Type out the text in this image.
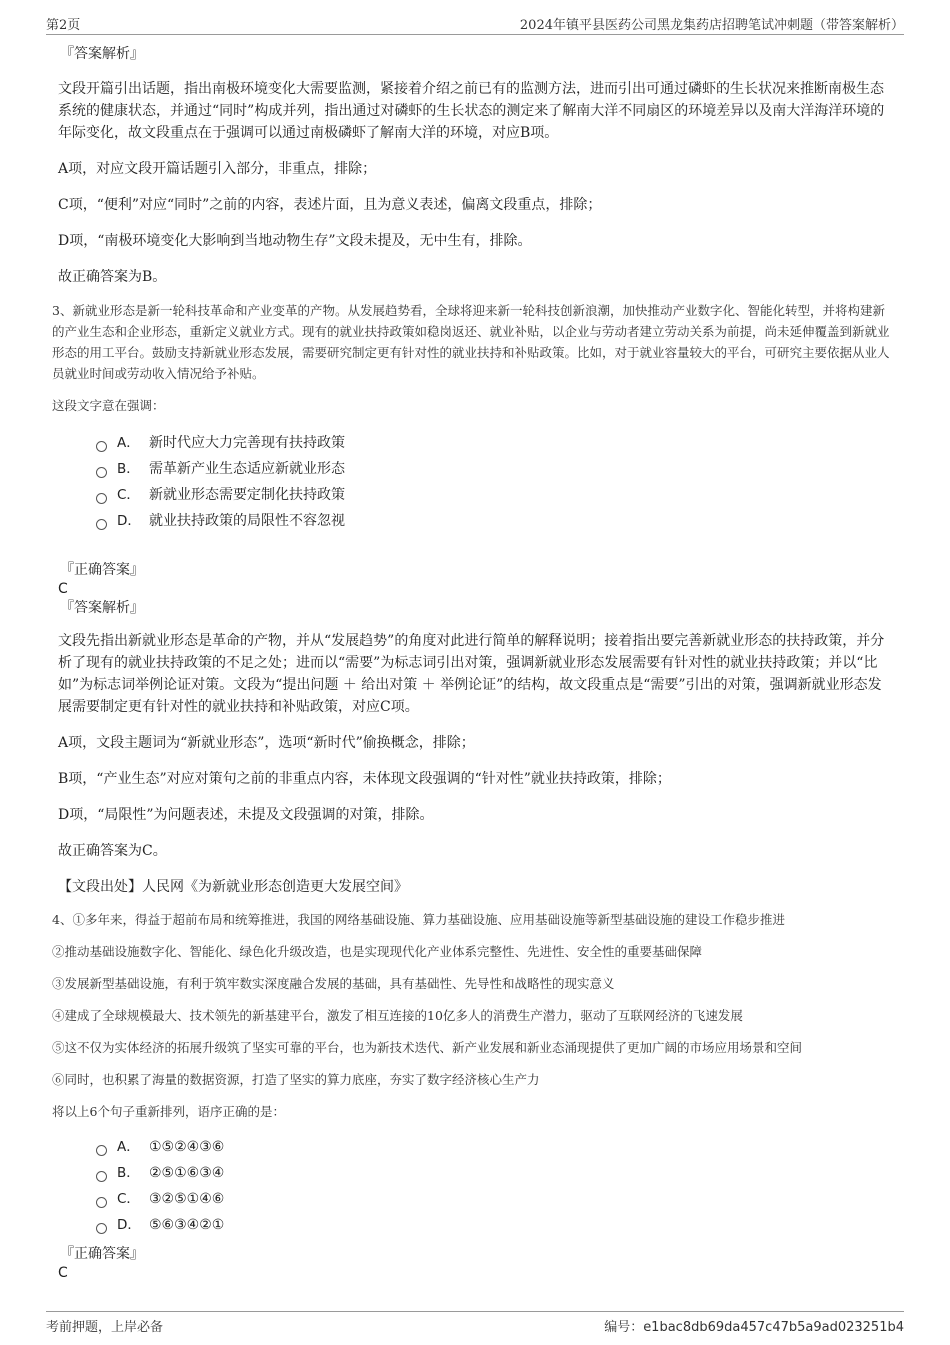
第2页	2024年镇平县医药公司黑龙集药店招聘笔试冲刺题（带答案解析）
『答案解析』
文段开篇引出话题，指出南极环境变化大需要监测，紧接着介绍之前已有的监测方法，进而引出可通过磷虾的生长状况来推断南极生态系统的健康状态，并通过“同时”构成并列，指出通过对磷虾的生长状态的测定来了解南大洋不同扇区的环境差异以及南大洋海洋环境的年际变化，故文段重点在于强调可以通过南极磷虾了解南大洋的环境，对应B项。
A项，对应文段开篇话题引入部分，非重点，排除；
C项，“便利”对应“同时”之前的内容，表述片面，且为意义表述，偏离文段重点，排除；
D项，“南极环境变化大影响到当地动物生存”文段未提及，无中生有，排除。
故正确答案为B。
3、新就业形态是新一轮科技革命和产业变革的产物。从发展趋势看，全球将迎来新一轮科技创新浪潮，加快推动产业数字化、智能化转型，并将构建新的产业生态和企业形态，重新定义就业方式。现有的就业扶持政策如稳岗返还、就业补贴，以企业与劳动者建立劳动关系为前提，尚未延伸覆盖到新就业形态的用工平台。鼓励支持新就业形态发展，需要研究制定更有针对性的就业扶持和补贴政策。比如，对于就业容量较大的平台，可研究主要依据从业人员就业时间或劳动收入情况给予补贴。
这段文字意在强调：
A． 新时代应大力完善现有扶持政策
B． 需革新产业生态适应新就业形态
C． 新就业形态需要定制化扶持政策
D． 就业扶持政策的局限性不容忽视
『正确答案』
C
『答案解析』
文段先指出新就业形态是革命的产物，并从“发展趋势”的角度对此进行简单的解释说明；接着指出要完善新就业形态的扶持政策，并分析了现有的就业扶持政策的不足之处；进而以“需要”为标志词引出对策，强调新就业形态发展需要有针对性的就业扶持政策；并以“比如”为标志词举例论证对策。文段为“提出问题 ＋ 给出对策 ＋ 举例论证”的结构，故文段重点是“需要”引出的对策，强调新就业形态发展需要制定更有针对性的就业扶持和补贴政策，对应C项。
A项，文段主题词为“新就业形态”，选项“新时代”偷换概念，排除；
B项，“产业生态”对应对策句之前的非重点内容，未体现文段强调的“针对性”就业扶持政策，排除；
D项，“局限性”为问题表述，未提及文段强调的对策，排除。
故正确答案为C。
【文段出处】人民网《为新就业形态创造更大发展空间》
4、①多年来，得益于超前布局和统筹推进，我国的网络基础设施、算力基础设施、应用基础设施等新型基础设施的建设工作稳步推进
②推动基础设施数字化、智能化、绿色化升级改造，也是实现现代化产业体系完整性、先进性、安全性的重要基础保障
③发展新型基础设施，有利于筑牢数实深度融合发展的基础，具有基础性、先导性和战略性的现实意义
④建成了全球规模最大、技术领先的新基建平台，激发了相互连接的10亿多人的消费生产潜力，驱动了互联网经济的飞速发展
⑤这不仅为实体经济的拓展升级筑了坚实可靠的平台，也为新技术迭代、新产业发展和新业态涌现提供了更加广阔的市场应用场景和空间
⑥同时，也积累了海量的数据资源，打造了坚实的算力底座，夯实了数字经济核心生产力
将以上6个句子重新排列，语序正确的是：
A． ①⑤②④③⑥
B． ②⑤①⑥③④
C． ③②⑤①④⑥
D． ⑤⑥③④②①
『正确答案』
C
考前押题，上岸必备	编号：e1bac8db69da457c47b5a9ad023251b4
